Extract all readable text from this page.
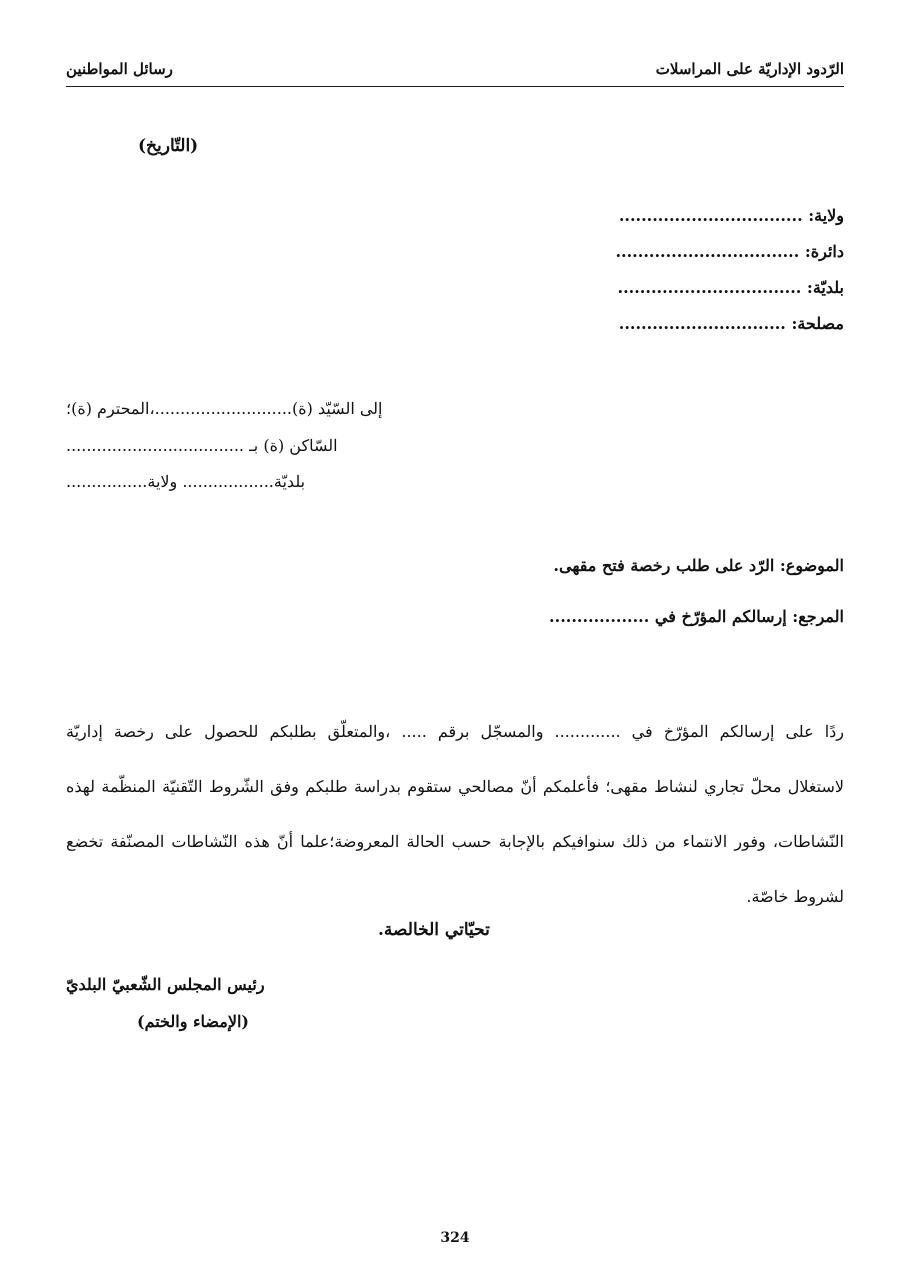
الرّدود الإداريّة على المراسلات
رسائل المواطنين
(التّاريخ)
ولاية: .................................
دائرة: .................................
بلديّة: .................................
مصلحة: ..............................
إلى السّيّد (ة)...........................،المحترم (ة)؛
السّاكن (ة) بـ ...................................
بلديّة.................. ولاية................
الموضوع: الرّد على طلب رخصة فتح مقهى.
المرجع: إرسالكم المؤرّخ في ..................

ردًا على إرسالكم المؤرّخ في ............. والمسجّل برقم ..... ،والمتعلّق بطلبكم للحصول على رخصة إداريّة

لاستغلال محلّ تجاري لنشاط مقهى؛ فأعلمكم أنّ مصالحي ستقوم بدراسة طلبكم وفق الشّروط التّقنيّة المنظّمة لهذه

النّشاطات، وفور الانتماء من ذلك سنوافيكم بالإجابة حسب الحالة المعروضة؛علما أنّ هذه النّشاطات المصنّفة تخضع

لشروط خاصّة.

تحيّاتي الخالصة.
رئيس المجلس الشّعبيّ البلديّ
(الإمضاء والختم)
324
